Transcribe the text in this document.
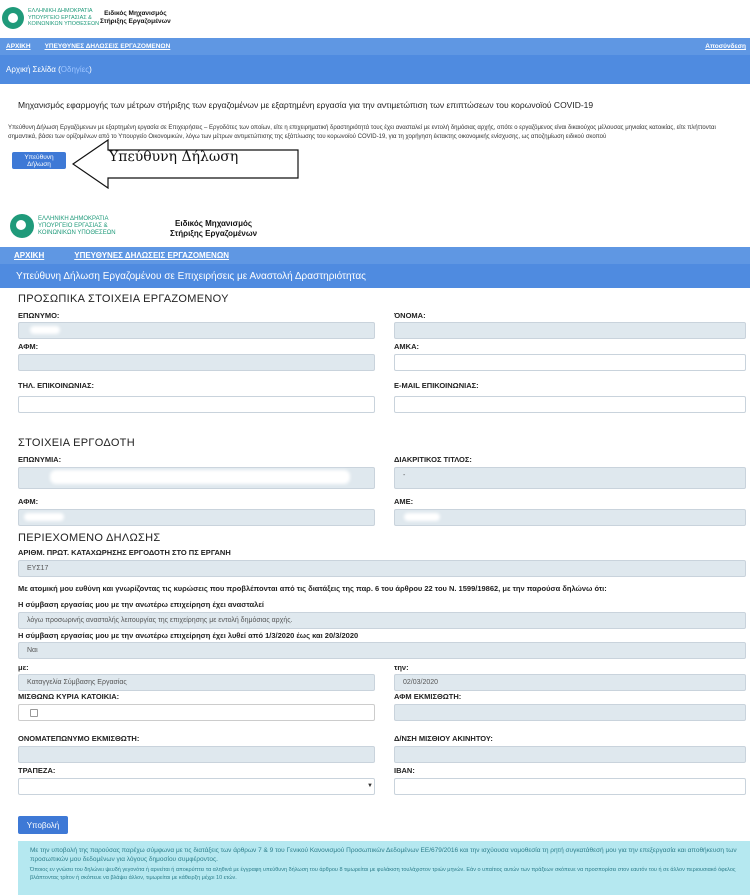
ΕΛΛΗΝΙΚΗ ΔΗΜΟΚΡΑΤΙΑ
ΥΠΟΥΡΓΕΙΟ ΕΡΓΑΣΙΑΣ &
ΚΟΙΝΩΝΙΚΩΝ ΥΠΟΘΕΣΕΩΝ
Ειδικός Μηχανισμός
Στήριξης Εργαζομένων
ΑΡΧΙΚΗ ΥΠΕΥΘΥΝΕΣ ΔΗΛΩΣΕΙΣ ΕΡΓΑΖΟΜΕΝΩΝ	Αποσύνδεση
Αρχική Σελίδα ( Οδηγίες )
Μηχανισμός εφαρμογής των μέτρων στήριξης των εργαζομένων με εξαρτημένη εργασία για την αντιμετώπιση των επιπτώσεων του κορωνοϊού COVID-19
Υπεύθυνη Δήλωση Εργαζόμενων με εξαρτημένη εργασία σε Επιχειρήσεις – Εργοδότες των οποίων, είτε η επιχειρηματική δραστηριότητά τους έχει ανασταλεί με εντολή δημόσιας αρχής, οπότε ο εργαζόμενος είναι δικαιούχος μέλουσας μηνιαίας κατοικίας, είτε πλήττονται σημαντικά, βάσει των ορίζομένων από το Υπουργείο Οικονομικών, λόγω των μέτρων αντιμετώπισης της εξάπλωσης του κορωνοϊού COVID-19, για τη χορήγηση έκτακτης οικονομικής ενίσχυσης, ως αποζημίωση ειδικού σκοπού
Υπεύθυνη Δήλωση	Υπεύθυνη Δήλωση
ΕΛΛΗΝΙΚΗ ΔΗΜΟΚΡΑΤΙΑ
ΥΠΟΥΡΓΕΙΟ ΕΡΓΑΣΙΑΣ &
ΚΟΙΝΩΝΙΚΩΝ ΥΠΟΘΕΣΕΩΝ
Ειδικός Μηχανισμός
Στήριξης Εργαζομένων
ΑΡΧΙΚΗ	ΥΠΕΥΘΥΝΕΣ ΔΗΛΩΣΕΙΣ ΕΡΓΑΖΟΜΕΝΩΝ
Υπεύθυνη Δήλωση Εργαζομένου σε Επιχειρήσεις με Αναστολή Δραστηριότητας
ΠΡΟΣΩΠΙΚΑ ΣΤΟΙΧΕΙΑ ΕΡΓΑΖΟΜΕΝΟΥ
ΕΠΩΝΥΜΟ:	ΌΝΟΜΑ:
ΑΦΜ:	ΑΜΚΑ:
ΤΗΛ. ΕΠΙΚΟΙΝΩΝΙΑΣ:	E-MAIL ΕΠΙΚΟΙΝΩΝΙΑΣ:
ΣΤΟΙΧΕΙΑ ΕΡΓΟΔΟΤΗ
ΕΠΩΝΥΜΙΑ:	ΔΙΑΚΡΙΤΙΚΟΣ ΤΙΤΛΟΣ:
-
ΑΦΜ:	ΑΜΕ:
ΠΕΡΙΕΧΟΜΕΝΟ ΔΗΛΩΣΗΣ
ΑΡΙΘΜ. ΠΡΩΤ. ΚΑΤΑΧΩΡΗΣΗΣ ΕΡΓΟΔΟΤΗ ΣΤΟ ΠΣ ΕΡΓΑΝΗ
ΕΥΣ17
Με ατομική μου ευθύνη και γνωρίζοντας τις κυρώσεις που προβλέπονται από τις διατάξεις της παρ. 6 του άρθρου 22 του Ν. 1599/19862, με την παρούσα δηλώνω ότι:
Η σύμβαση εργασίας μου με την ανωτέρω επιχείρηση έχει ανασταλεί
λόγω προσωρινής αναστολής λειτουργίας της επιχείρησης με εντολή δημόσιας αρχής.
Η σύμβαση εργασίας μου με την ανωτέρω επιχείρηση έχει λυθεί από 1/3/2020 έως και 20/3/2020
Ναι
με:	την:
Καταγγελία Σύμβασης Εργασίας	02/03/2020
ΜΙΣΘΩΝΩ ΚΥΡΙΑ ΚΑΤΟΙΚΙΑ:	ΑΦΜ ΕΚΜΙΣΘΩΤΗ:
ΟΝΟΜΑΤΕΠΩΝΥΜΟ ΕΚΜΙΣΘΩΤΗ:	Δ/ΝΣΗ ΜΙΣΘΙΟΥ ΑΚΙΝΗΤΟΥ:
ΤΡΑΠΕΖΑ:	IBAN:
▼
Υποβολή
Με την υποβολή της παρούσας παρέχω σύμφωνα με τις διατάξεις των άρθρων 7 & 9 του Γενικού Κανονισμού Προσωπικών Δεδομένων ΕΕ/679/2016 και την ισχύουσα νομοθεσία τη ρητή συγκατάθεσή μου για την επεξεργασία και αποθήκευση των προσωπικών μου δεδομένων για λόγους δημοσίου συμφέροντος.
Όποιος εν γνώσει του δηλώνει ψευδή γεγονότα ή αρνείται ή αποκρύπτει τα αληθινά με έγγραφη υπεύθυνη δήλωση του άρθρου 8 τιμωρείται με φυλάκιση τουλάχιστον τριών μηνών. Εάν ο υπαίτιος αυτών των πράξεων σκόπευε να προσπορίσει στον εαυτόν του ή σε άλλον περιουσιακό όφελος βλάπτοντας τρίτον ή σκόπευε να βλάψει άλλον, τιμωρείται με κάθειρξη μέχρι 10 ετών.
